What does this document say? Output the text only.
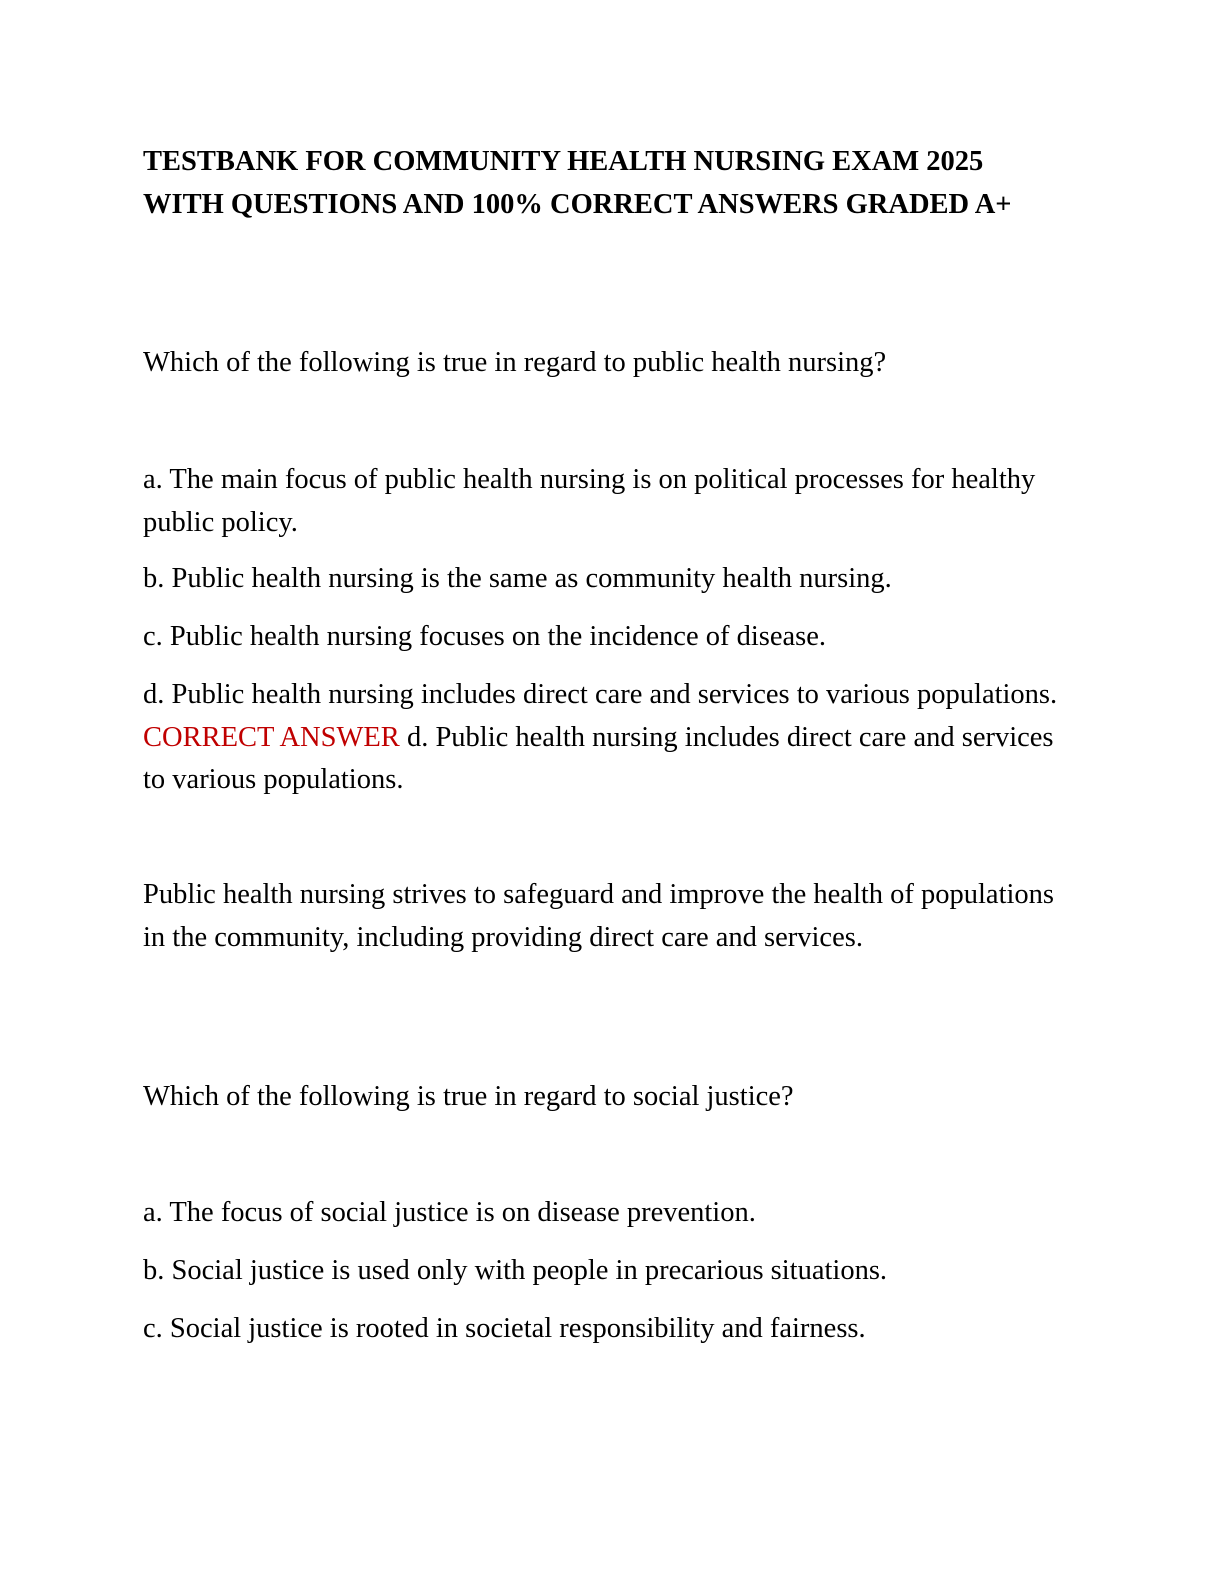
TESTBANK FOR COMMUNITY HEALTH NURSING EXAM 2025 WITH QUESTIONS AND 100% CORRECT ANSWERS GRADED A+

Which of the following is true in regard to public health nursing?

a. The main focus of public health nursing is on political processes for healthy public policy.

b. Public health nursing is the same as community health nursing.

c. Public health nursing focuses on the incidence of disease.

d. Public health nursing includes direct care and services to various populations. CORRECT ANSWER d. Public health nursing includes direct care and services to various populations.

Public health nursing strives to safeguard and improve the health of populations in the community, including providing direct care and services.

Which of the following is true in regard to social justice?

a. The focus of social justice is on disease prevention.

b. Social justice is used only with people in precarious situations.

c. Social justice is rooted in societal responsibility and fairness.
